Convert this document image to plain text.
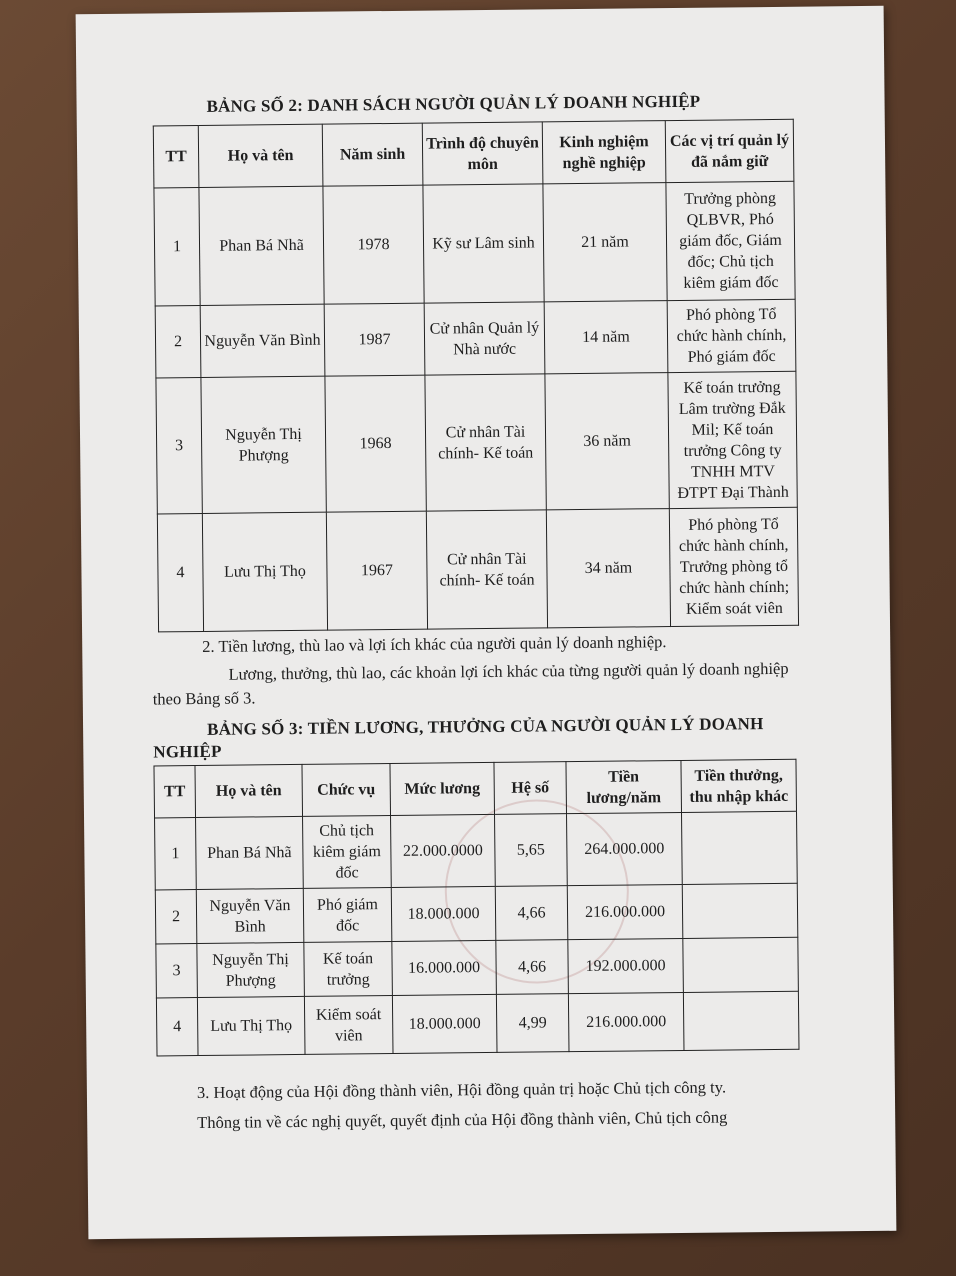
BẢNG SỐ 2: DANH SÁCH NGƯỜI QUẢN LÝ DOANH NGHIỆP
TT	Họ và tên	Năm sinh	Trình độ chuyên môn	Kinh nghiệm nghề nghiệp	Các vị trí quản lý đã nắm giữ
1	Phan Bá Nhã	1978	Kỹ sư Lâm sinh	21 năm	Trưởng phòng QLBVR, Phó giám đốc, Giám đốc; Chủ tịch kiêm giám đốc
2	Nguyễn Văn Bình	1987	Cử nhân Quản lý Nhà nước	14 năm	Phó phòng Tổ chức hành chính, Phó giám đốc
3	Nguyễn Thị Phượng	1968	Cử nhân Tài chính- Kế toán	36 năm	Kế toán trưởng Lâm trường Đắk Mil; Kế toán trưởng Công ty TNHH MTV ĐTPT Đại Thành
4	Lưu Thị Thọ	1967	Cử nhân Tài chính- Kế toán	34 năm	Phó phòng Tổ chức hành chính, Trưởng phòng tổ chức hành chính; Kiểm soát viên
2. Tiền lương, thù lao và lợi ích khác của người quản lý doanh nghiệp.
Lương, thưởng, thù lao, các khoản lợi ích khác của từng người quản lý doanh nghiệp theo Bảng số 3.
BẢNG SỐ 3: TIỀN LƯƠNG, THƯỞNG CỦA NGƯỜI QUẢN LÝ DOANH NGHIỆP
TT	Họ và tên	Chức vụ	Mức lương	Hệ số	Tiền lương/năm	Tiền thưởng, thu nhập khác
1	Phan Bá Nhã	Chủ tịch kiêm giám đốc	22.000.0000	5,65	264.000.000	
2	Nguyễn Văn Bình	Phó giám đốc	18.000.000	4,66	216.000.000	
3	Nguyễn Thị Phượng	Kế toán trưởng	16.000.000	4,66	192.000.000	
4	Lưu Thị Thọ	Kiểm soát viên	18.000.000	4,99	216.000.000	
3. Hoạt động của Hội đồng thành viên, Hội đồng quản trị hoặc Chủ tịch công ty.
Thông tin về các nghị quyết, quyết định của Hội đồng thành viên, Chủ tịch công
